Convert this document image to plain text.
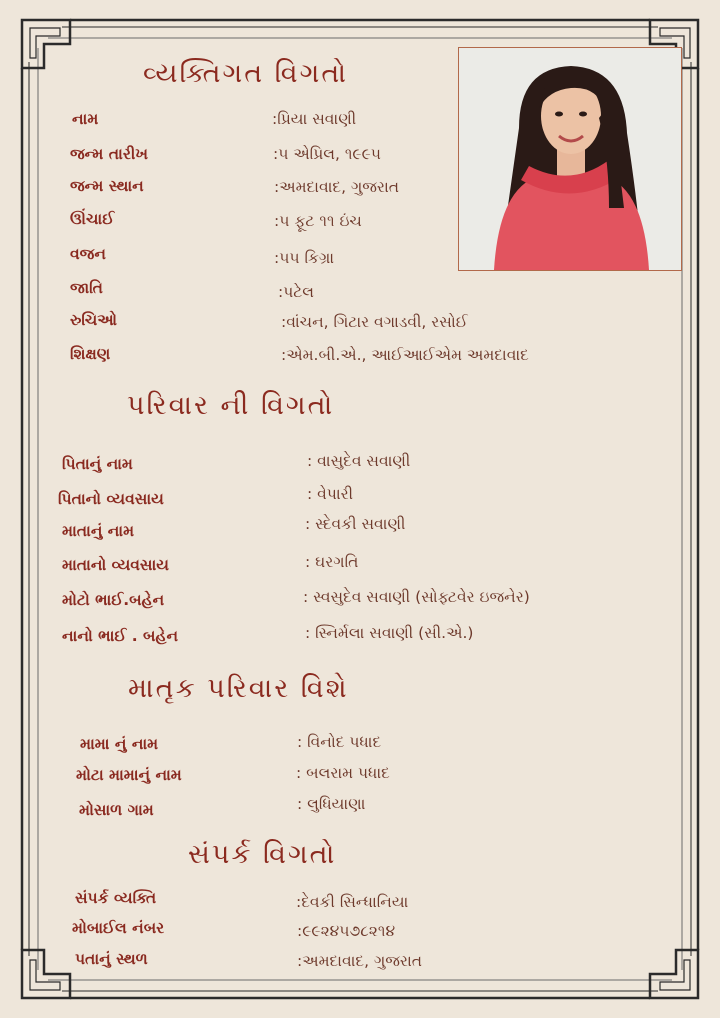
વ્યક્તિગત વિગતો
નામ	:પ્રિયા સવાણી
જન્મ તારીખ	:૫ એપ્રિલ, ૧૯૯૫
જન્મ સ્થાન	:અમદાવાદ, ગુજરાત
ઊંચાઈ	:૫ ફૂટ ૧૧ ઇંચ
વજન	:૫૫ કિગ્રા
જાતિ	:પટેલ
રુચિઓ	:વાંચન, ગિટાર વગાડવી, રસોઈ
શિક્ષણ	:એમ.બી.એ., આઈઆઈએમ અમદાવાદ
પરિવાર ની વિગતો
પિતાનું નામ	: વાસુદેવ સવાણી
પિતાનો વ્યવસાય	: વેપારી
માતાનું નામ	: સ્દેવકી સવાણી
માતાનો વ્યવસાય	: ઘરગતિ
મોટો ભાઈ.બહેન	: સ્વસુદેવ સવાણી (સોફ્ટવેર ઇજનેર)
નાનો ભાઈ . બહેન	: સ્નિર્મલા સવાણી (સી.એ.)
માતૃક પરિવાર વિશે
મામા નું નામ	: વિનોદ પધાદ
મોટા મામાનું નામ	: બલરામ પધાદ
મોસાળ ગામ	: લુધિયાણા
સંપર્ક વિગતો
સંપર્ક વ્યક્તિ	:દેવકી સિન્ધાનિયા
મોબાઈલ નંબર	:૯૯૨૪૫૭૮૨૧૪
પતાનું સ્થળ	:અમદાવાદ, ગુજરાત
